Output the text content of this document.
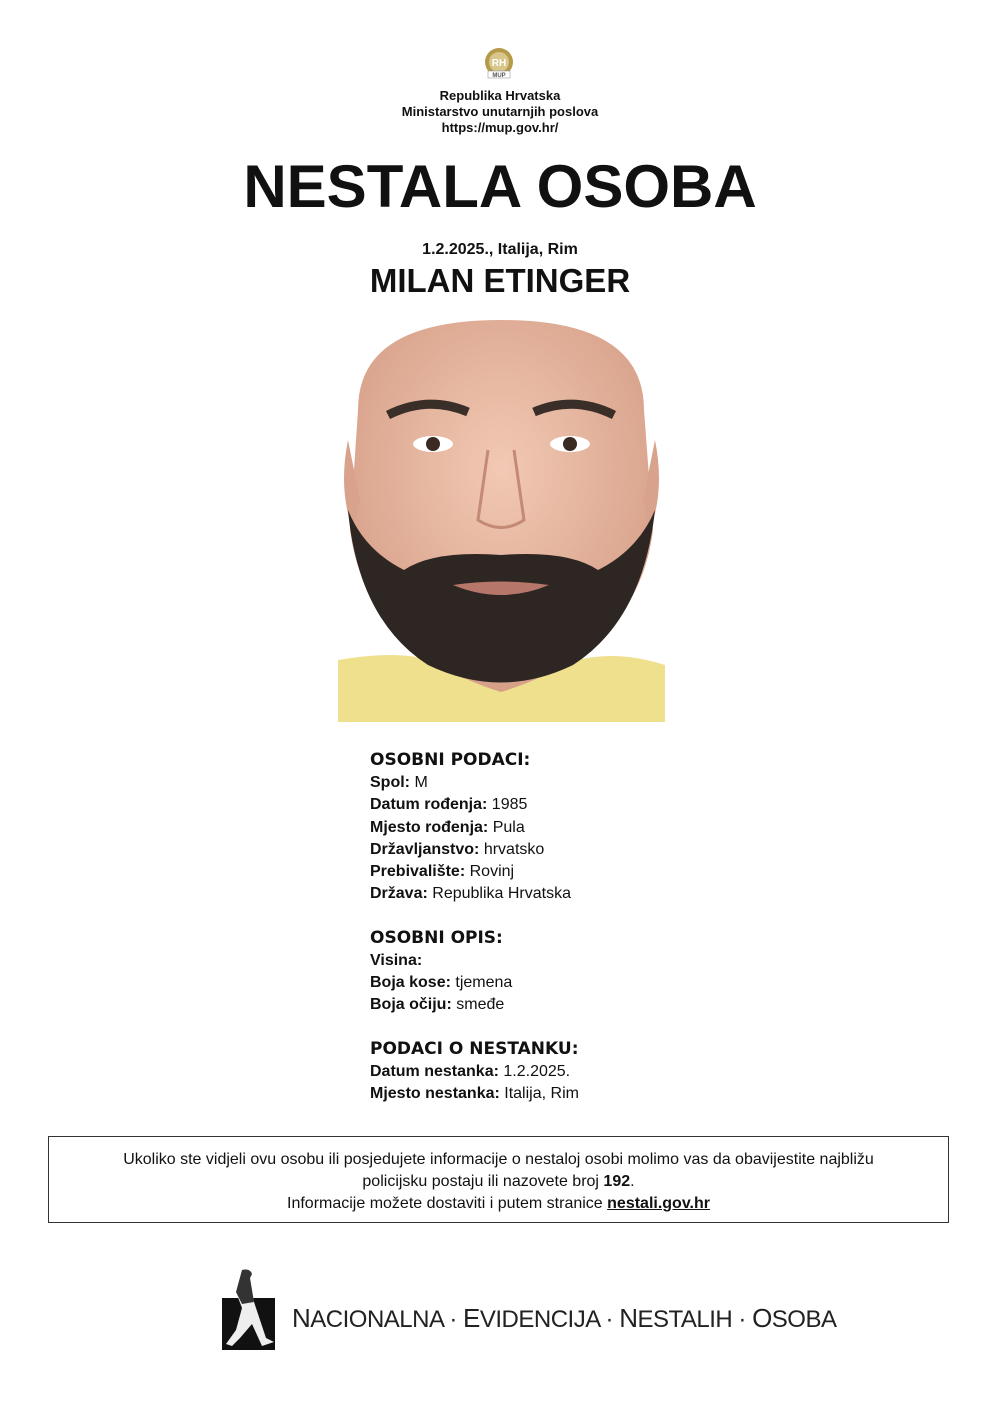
RH
MUP
Republika Hrvatska
Ministarstvo unutarnjih poslova
https://mup.gov.hr/
NESTALA OSOBA
1.2.2025., Italija, Rim
MILAN ETINGER
OSOBNI PODACI:
Spol: M
Datum rođenja: 1985
Mjesto rođenja: Pula
Državljanstvo: hrvatsko
Prebivalište: Rovinj
Država: Republika Hrvatska
OSOBNI OPIS:
Visina:
Boja kose: tjemena
Boja očiju: smeđe
PODACI O NESTANKU:
Datum nestanka: 1.2.2025.
Mjesto nestanka: Italija, Rim
Ukoliko ste vidjeli ovu osobu ili posjedujete informacije o nestaloj osobi molimo vas da obavijestite najbližu
policijsku postaju ili nazovete broj 192.
Informacije možete dostaviti i putem stranice nestali.gov.hr
NACIONALNA · EVIDENCIJA · NESTALIH · OSOBA
